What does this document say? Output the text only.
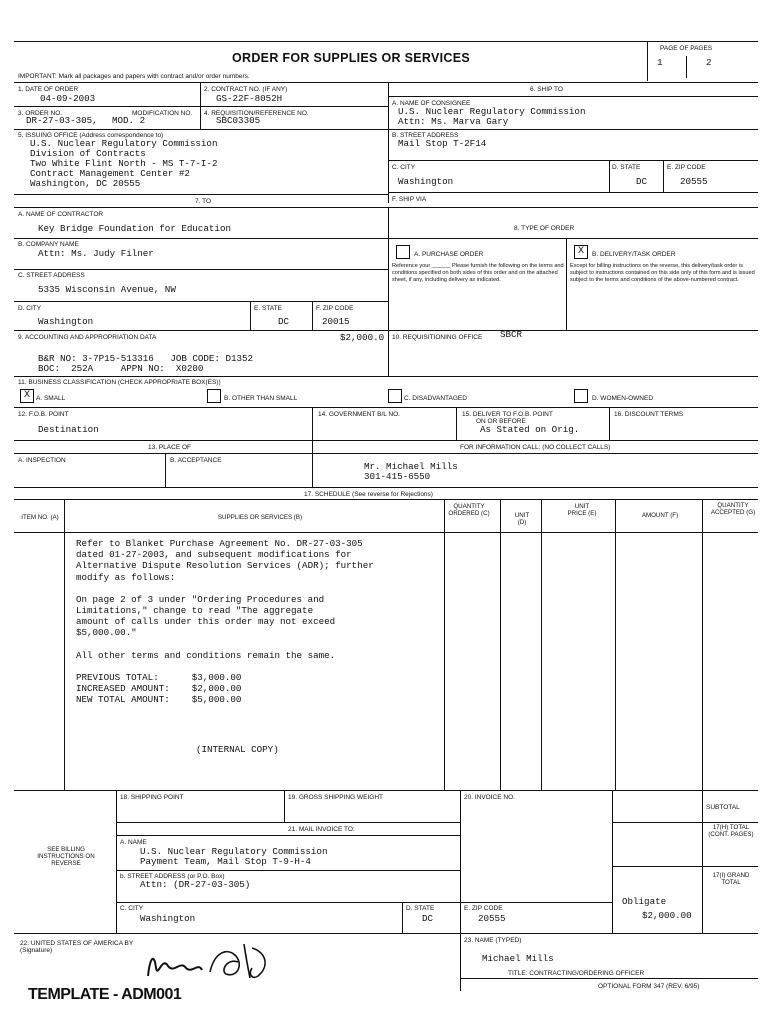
ORDER FOR SUPPLIES OR SERVICES
PAGE OF PAGES
1	2
IMPORTANT: Mark all packages and papers with contract and/or order numbers.
1. DATE OF ORDER
04-09-2003
2. CONTRACT NO. (IF ANY)
GS-22F-8052H
6. SHIP TO
3. ORDER NO.	MODIFICATION NO.
DR-27-03-305, MOD. 2
4. REQUISITION/REFERENCE NO.
SBC03305
A. NAME OF CONSIGNEE
U.S. Nuclear Regulatory Commission
Attn: Ms. Marva Gary
B. STREET ADDRESS
Mail Stop T-2F14
C. CITY
Washington
D. STATE
DC
E. ZIP CODE
20555
F. SHIP VIA
5. ISSUING OFFICE (Address correspondence to)
U.S. Nuclear Regulatory Commission
Division of Contracts
Two White Flint North - MS T-7-I-2
Contract Management Center #2
Washington, DC 20555
7. TO
A. NAME OF CONTRACTOR
Key Bridge Foundation for Education	8. TYPE OF ORDER
B. COMPANY NAME
Attn: Ms. Judy Filner	A. PURCHASE ORDER	X	B. DELIVERY/TASK ORDER
Reference your ______ Please furnish the following on the terms and conditions specified on both sides of this order and on the attached sheet, if any, including delivery as indicated.
Except for billing instructions on the reverse, this delivery/task order is subject to instructions contained on this side only of this form and is issued subject to the terms and conditions of the above-numbered contract.
C. STREET ADDRESS
5335 Wisconsin Avenue, NW
D. CITY
Washington
E. STATE
DC
F. ZIP CODE
20015
9. ACCOUNTING AND APPROPRIATION DATA	$2,000.0
B&R NO: 3-7P15-513316   JOB CODE: D1352
BOC:  252A     APPN NO:  X0200
10. REQUISITIONING OFFICE SBCR
11. BUSINESS CLASSIFICATION (CHECK APPROPRIATE BOX(ES))
X A. SMALL	B. OTHER THAN SMALL	C. DISADVANTAGED	D. WOMEN-OWNED
12. F.O.B. POINT
Destination
14. GOVERNMENT B/L NO.	15. DELIVER TO F.O.B. POINT
ON OR BEFORE
As Stated on Orig.
16. DISCOUNT TERMS
13. PLACE OF	FOR INFORMATION CALL: (NO COLLECT CALLS)
A. INSPECTION	B. ACCEPTANCE
Mr. Michael Mills
301-415-6550
17. SCHEDULE (See reverse for Rejections)
ITEM NO. (A)	SUPPLIES OR SERVICES (B)
QUANTITY ORDERED (C)	UNIT (D)
UNIT PRICE (E)	AMOUNT (F)
QUANTITY ACCEPTED (G)
Refer to Blanket Purchase Agreement No. DR-27-03-305
dated 01-27-2003, and subsequent modifications for
Alternative Dispute Resolution Services (ADR); further
modify as follows:
On page 2 of 3 under "Ordering Procedures and
Limitations," change to read "The aggregate
amount of calls under this order may not exceed
$5,000.00."
All other terms and conditions remain the same.
PREVIOUS TOTAL:      $3,000.00
INCREASED AMOUNT:    $2,000.00
NEW TOTAL AMOUNT:    $5,000.00
(INTERNAL COPY)
18. SHIPPING POINT	19. GROSS SHIPPING WEIGHT	20. INVOICE NO.
SUBTOTAL
21. MAIL INVOICE TO:
SEE BILLING INSTRUCTIONS ON REVERSE
A. NAME
U.S. Nuclear Regulatory Commission
Payment Team, Mail Stop T-9-H-4
b. STREET ADDRESS (or P.O. Box)
Attn: (DR-27-03-305)
17(H) TOTAL (CONT. PAGES)
17(I) GRAND TOTAL
Obligate
$2,000.00
C. CITY
Washington
D. STATE
DC
E. ZIP CODE
20555
22. UNITED STATES OF AMERICA BY (Signature)
23. NAME (TYPED)
Michael Mills
TITLE: CONTRACTING/ORDERING OFFICER
TEMPLATE - ADM001	OPTIONAL FORM 347 (REV. 6/95)
